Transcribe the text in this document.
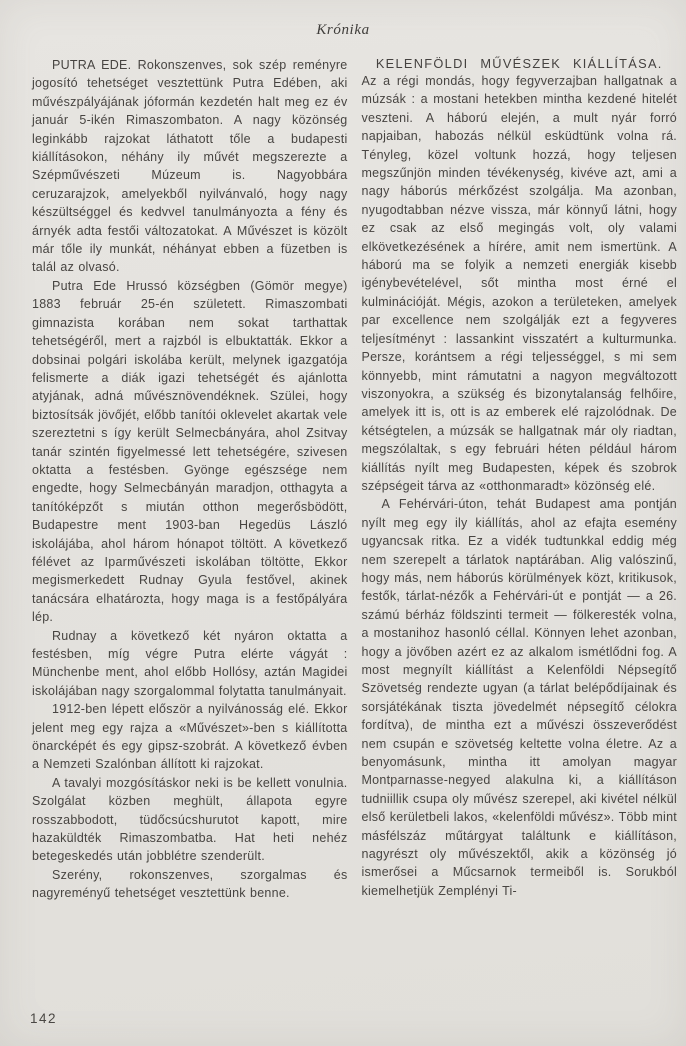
Krónika

PUTRA EDE. Rokonszenves, sok szép reményre jogosító tehetséget vesztettünk Putra Edében, aki művészpályájának jóformán kezdetén halt meg ez év január 5-ikén Rimaszombaton. A nagy közönség leginkább rajzokat láthatott tőle a budapesti kiállításokon, néhány ily művét megszerezte a Szépművészeti Múzeum is. Nagyobbára ceruzarajzok, amelyekből nyilvánvaló, hogy nagy készültséggel és kedvvel tanulmányozta a fény és árnyék adta festői változatokat. A Művészet is közölt már tőle ily munkát, néhányat ebben a füzetben is talál az olvasó.

Putra Ede Hrussó községben (Gömör megye) 1883 február 25-én született. Rimaszombati gimnazista korában nem sokat tarthattak tehetségéről, mert a rajzból is elbuktatták. Ekkor a dobsinai polgári iskolába került, melynek igazgatója felismerte a diák igazi tehetségét és ajánlotta atyjának, adná művésznövendéknek. Szülei, hogy biztosítsák jövőjét, előbb tanítói oklevelet akartak vele szereztetni s így került Selmecbányára, ahol Zsitvay tanár szintén figyelmessé lett tehetségére, szivesen oktatta a festésben. Gyönge egészsége nem engedte, hogy Selmecbányán maradjon, otthagyta a tanítóképzőt s miután otthon megerősbödött, Budapestre ment 1903-ban Hegedüs László iskolájába, ahol három hónapot töltött. A következő félévet az Iparművészeti iskolában töltötte, Ekkor megismerkedett Rudnay Gyula festővel, akinek tanácsára elhatározta, hogy maga is a festőpályára lép.

Rudnay a következő két nyáron oktatta a festésben, míg végre Putra elérte vágyát : Münchenbe ment, ahol előbb Hollósy, aztán Magidei iskolájában nagy szorgalommal folytatta tanulmányait.

1912-ben lépett először a nyilvánosság elé. Ekkor jelent meg egy rajza a «Művészet»-ben s kiállította önarcképét és egy gipsz-szobrát. A következő évben a Nemzeti Szalónban állított ki rajzokat.

A tavalyi mozgósításkor neki is be kellett vonulnia. Szolgálat közben meghült, állapota egyre rosszabbodott, tüdőcsúcshurutot kapott, mire hazaküldték Rimaszombatba. Hat heti nehéz betegeskedés után jobblétre szenderült.

Szerény, rokonszenves, szorgalmas és nagyreményű tehetséget vesztettünk benne.

KELENFÖLDI MŰVÉSZEK KIÁLLÍTÁSA.

Az a régi mondás, hogy fegyverzajban hallgatnak a múzsák : a mostani hetekben mintha kezdené hitelét veszteni. A háború elején, a mult nyár forró napjaiban, habozás nélkül esküdtünk volna rá. Tényleg, közel voltunk hozzá, hogy teljesen megszűnjön minden tévékenység, kivéve azt, ami a nagy háborús mérkőzést szolgálja. Ma azonban, nyugodtabban nézve vissza, már könnyű látni, hogy ez csak az első megingás volt, oly valami elkövetkezésének a hírére, amit nem ismertünk. A háború ma se folyik a nemzeti energiák kisebb igénybevételével, sőt mintha most érné el kulminációját. Mégis, azokon a területeken, amelyek par excellence nem szolgálják ezt a fegyveres teljesítményt : lassankint visszatért a kulturmunka. Persze, korántsem a régi teljességgel, s mi sem könnyebb, mint rámutatni a nagyon megváltozott viszonyokra, a szükség és bizonytalanság felhőire, amelyek itt is, ott is az emberek elé rajzolódnak. De kétségtelen, a múzsák se hallgatnak már oly riadtan, megszólaltak, s egy februári héten például három kiállítás nyílt meg Budapesten, képek és szobrok szépségeit tárva az «otthonmaradt» közönség elé.

A Fehérvári-úton, tehát Budapest ama pontján nyílt meg egy ily kiállítás, ahol az efajta esemény ugyancsak ritka. Ez a vidék tudtunkkal eddig még nem szerepelt a tárlatok naptárában. Alig valószinű, hogy más, nem háborús körülmények közt, kritikusok, festők, tárlat-nézők a Fehérvári-út e pontját — a 26. számú bérház földszinti termeit — fölkeresték volna, a mostanihoz hasonló céllal. Könnyen lehet azonban, hogy a jövőben azért ez az alkalom ismétlődni fog. A most megnyílt kiállítást a Kelenföldi Népsegítő Szövetség rendezte ugyan (a tárlat belépődíjainak és sorsjátékának tiszta jövedelmét népsegítő célokra fordítva), de mintha ezt a művészi összeverődést nem csupán e szövetség keltette volna életre. Az a benyomásunk, mintha itt amolyan magyar Montparnasse-negyed alakulna ki, a kiállításon tudniillik csupa oly művész szerepel, aki kivétel nélkül első kerületbeli lakos, «kelenföldi művész». Több mint másfélszáz műtárgyat találtunk e kiállításon, nagyrészt oly művészektől, akik a közönség jó ismerősei a Műcsarnok termeiből is. Sorukból kiemelhetjük Zemplényi Ti-

142
